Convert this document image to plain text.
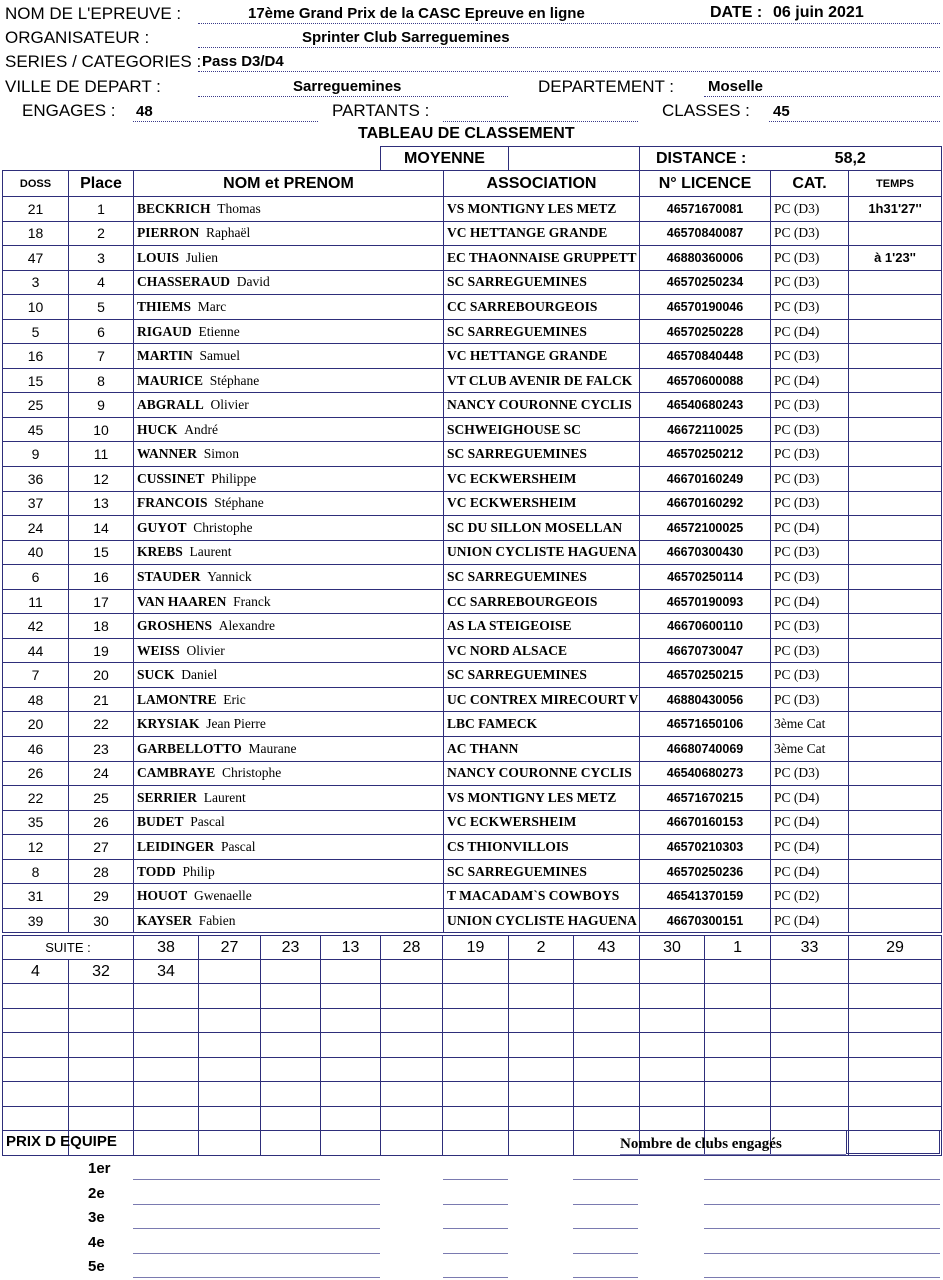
NOM DE L'EPREUVE :	17ème Grand Prix de la CASC Epreuve en ligne	DATE : 06 juin 2021
ORGANISATEUR :	Sprinter Club Sarreguemines
SERIES / CATEGORIES : Pass D3/D4
VILLE DE DEPART :	Sarreguemines	DEPARTEMENT : Moselle
ENGAGES : 48	PARTANTS :	CLASSES : 45
TABLEAU DE CLASSEMENT
MOYENNE		DISTANCE :	58,2
DOSS	Place	NOM et PRENOM	ASSOCIATION	N° LICENCE	CAT.	TEMPS
21	1	BECKRICH Thomas	VS MONTIGNY LES METZ	46571670081	PC (D3)	1h31'27''
18	2	PIERRON Raphaël	VC HETTANGE GRANDE	46570840087	PC (D3)	
47	3	LOUIS Julien	EC THAONNAISE GRUPPETT	46880360006	PC (D3)	à 1'23''
3	4	CHASSERAUD David	SC SARREGUEMINES	46570250234	PC (D3)	
10	5	THIEMS Marc	CC SARREBOURGEOIS	46570190046	PC (D3)	
5	6	RIGAUD Etienne	SC SARREGUEMINES	46570250228	PC (D4)	
16	7	MARTIN Samuel	VC HETTANGE GRANDE	46570840448	PC (D3)	
15	8	MAURICE Stéphane	VT CLUB AVENIR DE FALCK	46570600088	PC (D4)	
25	9	ABGRALL Olivier	NANCY COURONNE CYCLIS	46540680243	PC (D3)	
45	10	HUCK André	SCHWEIGHOUSE SC	46672110025	PC (D3)	
9	11	WANNER Simon	SC SARREGUEMINES	46570250212	PC (D3)	
36	12	CUSSINET Philippe	VC ECKWERSHEIM	46670160249	PC (D3)	
37	13	FRANCOIS Stéphane	VC ECKWERSHEIM	46670160292	PC (D3)	
24	14	GUYOT Christophe	SC DU SILLON MOSELLAN	46572100025	PC (D4)	
40	15	KREBS Laurent	UNION CYCLISTE HAGUENA	46670300430	PC (D3)	
6	16	STAUDER Yannick	SC SARREGUEMINES	46570250114	PC (D3)	
11	17	VAN HAAREN Franck	CC SARREBOURGEOIS	46570190093	PC (D4)	
42	18	GROSHENS Alexandre	AS LA STEIGEOISE	46670600110	PC (D3)	
44	19	WEISS Olivier	VC NORD ALSACE	46670730047	PC (D3)	
7	20	SUCK Daniel	SC SARREGUEMINES	46570250215	PC (D3)	
48	21	LAMONTRE Eric	UC CONTREX MIRECOURT V	46880430056	PC (D3)	
20	22	KRYSIAK Jean Pierre	LBC FAMECK	46571650106	3ème Cat	
46	23	GARBELLOTTO Maurane	AC THANN	46680740069	3ème Cat	
26	24	CAMBRAYE Christophe	NANCY COURONNE CYCLIS	46540680273	PC (D3)	
22	25	SERRIER Laurent	VS MONTIGNY LES METZ	46571670215	PC (D4)	
35	26	BUDET Pascal	VC ECKWERSHEIM	46670160153	PC (D4)	
12	27	LEIDINGER Pascal	CS THIONVILLOIS	46570210303	PC (D4)	
8	28	TODD Philip	SC SARREGUEMINES	46570250236	PC (D4)	
31	29	HOUOT Gwenaelle	T MACADAM`S COWBOYS	46541370159	PC (D2)	
39	30	KAYSER Fabien	UNION CYCLISTE HAGUENA	46670300151	PC (D4)	
SUITE :		38	27	23	13	28	19	2	43	30	1	33	29
4	32	34											

PRIX D EQUIPE	Nombre de clubs engagés
1er
2e
3e
4e
5e
